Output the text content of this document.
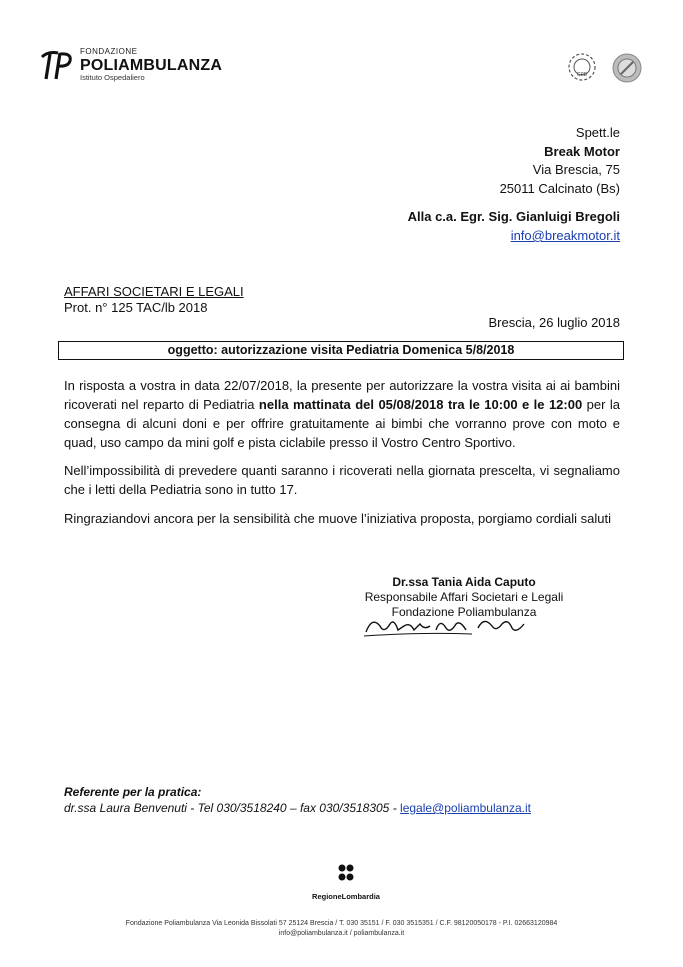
FONDAZIONE
POLIAMBULANZA
Istituto Ospedaliero	CPB
Spett.le
Break Motor
Via Brescia, 75
25011 Calcinato (Bs)
Alla c.a. Egr. Sig. Gianluigi Bregoli
info@breakmotor.it
AFFARI SOCIETARI E LEGALI
Prot. n° 125 TAC/lb 2018
Brescia, 26 luglio 2018
oggetto: autorizzazione visita Pediatria Domenica 5/8/2018
In risposta a vostra in data 22/07/2018, la presente per autorizzare la vostra visita ai ai bambini ricoverati nel reparto di Pediatria nella mattinata del 05/08/2018 tra le 10:00 e le 12:00 per la consegna di alcuni doni e per offrire gratuitamente ai bimbi che vorranno prove con moto e quad, uso campo da mini golf e pista ciclabile presso il Vostro Centro Sportivo.
Nell’impossibilità di prevedere quanti saranno i ricoverati nella giornata prescelta, vi segnaliamo che i letti della Pediatria sono in tutto 17.
Ringraziandovi ancora per la sensibilità che muove l’iniziativa proposta, porgiamo cordiali saluti
Dr.ssa Tania Aida Caputo
Responsabile Affari Societari e Legali
Fondazione Poliambulanza
Referente per la pratica:
dr.ssa Laura Benvenuti - Tel 030/3518240 – fax 030/3518305 - legale@poliambulanza.it
RegioneLombardia
Fondazione Poliambulanza Via Leonida Bissolati 57 25124 Brescia / T. 030 35151 / F. 030 3515351 / C.F. 98120050178 - P.I. 02663120984
info@poliambulanza.it / poliambulanza.it
